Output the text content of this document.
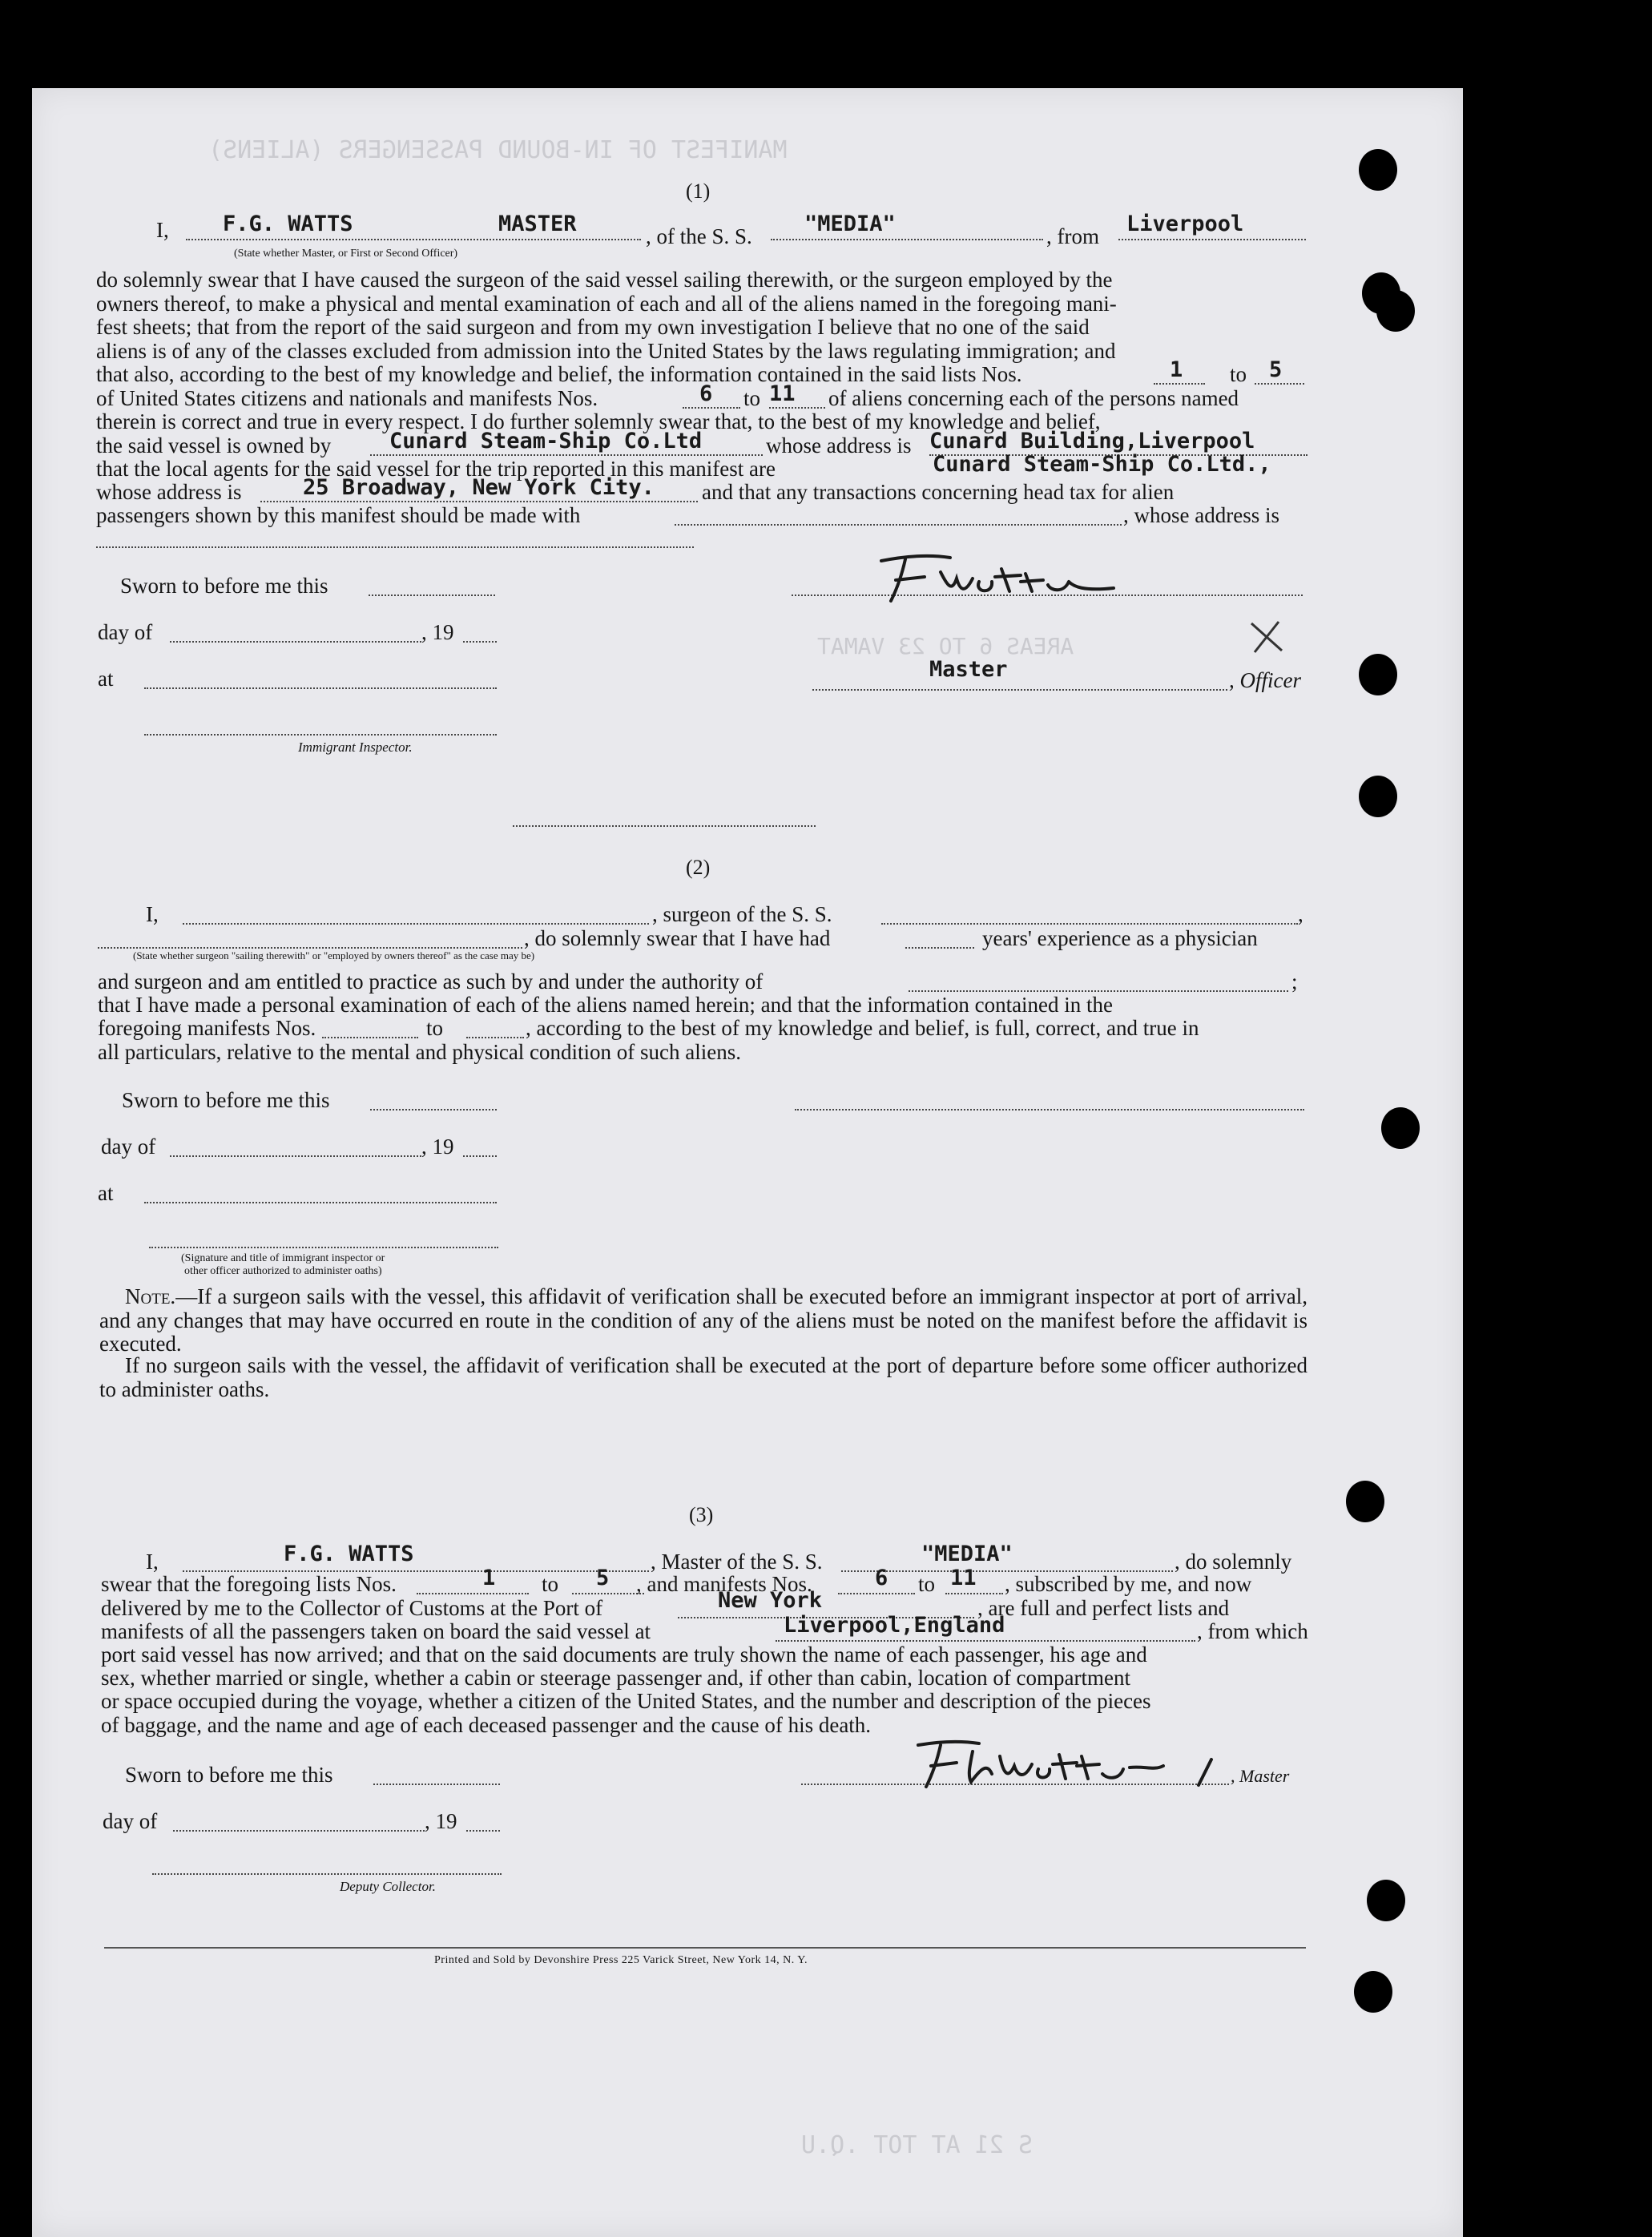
MANIFEST OF IN-BOUND PASSENGERS (ALIENS)
AREAS 6 TO 23 VAMAT
S 21 AT TOT .Q.U
(1)
I, F.G. WATTS	MASTER	, of the S. S. "MEDIA"	, from Liverpool
(State whether Master, or First or Second Officer)
do solemnly swear that I have caused the surgeon of the said vessel sailing therewith, or the surgeon employed by the
owners thereof, to make a physical and mental examination of each and all of the aliens named in the foregoing mani-
fest sheets; that from the report of the said surgeon and from my own investigation I believe that no one of the said
aliens is of any of the classes excluded from admission into the United States by the laws regulating immigration; and
that also, according to the best of my knowledge and belief, the information contained in the said lists Nos.	1 to 5
of United States citizens and nationals and manifests Nos.	6 to 11 of aliens concerning each of the persons named
therein is correct and true in every respect. I do further solemnly swear that, to the best of my knowledge and belief,
the said vessel is owned by	Cunard Steam-Ship Co.Ltd	whose address is Cunard Building,Liverpool
that the local agents for the said vessel for the trip reported in this manifest are	Cunard Steam-Ship Co.Ltd.,
whose address is	25 Broadway, New York City. and that any transactions concerning head tax for alien
passengers shown by this manifest should be made with	, whose address is
Sworn to before me this
day of	, 19
at	Master	, Officer
Immigrant Inspector.
(2)
I,	, surgeon of the S. S.	,
, do solemnly swear that I have had	years' experience as a physician
(State whether surgeon "sailing therewith" or "employed by owners thereof" as the case may be)
and surgeon and am entitled to practice as such by and under the authority of	;
that I have made a personal examination of each of the aliens named herein; and that the information contained in the
foregoing manifests Nos.	to	, according to the best of my knowledge and belief, is full, correct, and true in
all particulars, relative to the mental and physical condition of such aliens.
Sworn to before me this
day of	, 19
at
(Signature and title of immigrant inspector or
other officer authorized to administer oaths)
Note.—If a surgeon sails with the vessel, this affidavit of verification shall be executed before an immigrant inspector at port of arrival, and any changes that may have occurred en route in the condition of any of the aliens must be noted on the manifest before the affidavit is executed.
If no surgeon sails with the vessel, the affidavit of verification shall be executed at the port of departure before some officer authorized to administer oaths.
(3)
I,	F.G. WATTS	, Master of the S. S.	"MEDIA"	, do solemnly
swear that the foregoing lists Nos.	1 to 5 , and manifests Nos.	6 to 11 , subscribed by me, and now
delivered by me to the Collector of Customs at the Port of	New York	, are full and perfect lists and
manifests of all the passengers taken on board the said vessel at	Liverpool,England	, from which
port said vessel has now arrived; and that on the said documents are truly shown the name of each passenger, his age and
sex, whether married or single, whether a cabin or steerage passenger and, if other than cabin, location of compartment
or space occupied during the voyage, whether a citizen of the United States, and the number and description of the pieces
of baggage, and the name and age of each deceased passenger and the cause of his death.
Sworn to before me this	, Master
day of	, 19
Deputy Collector.
Printed and Sold by Devonshire Press 225 Varick Street, New York 14, N. Y.
